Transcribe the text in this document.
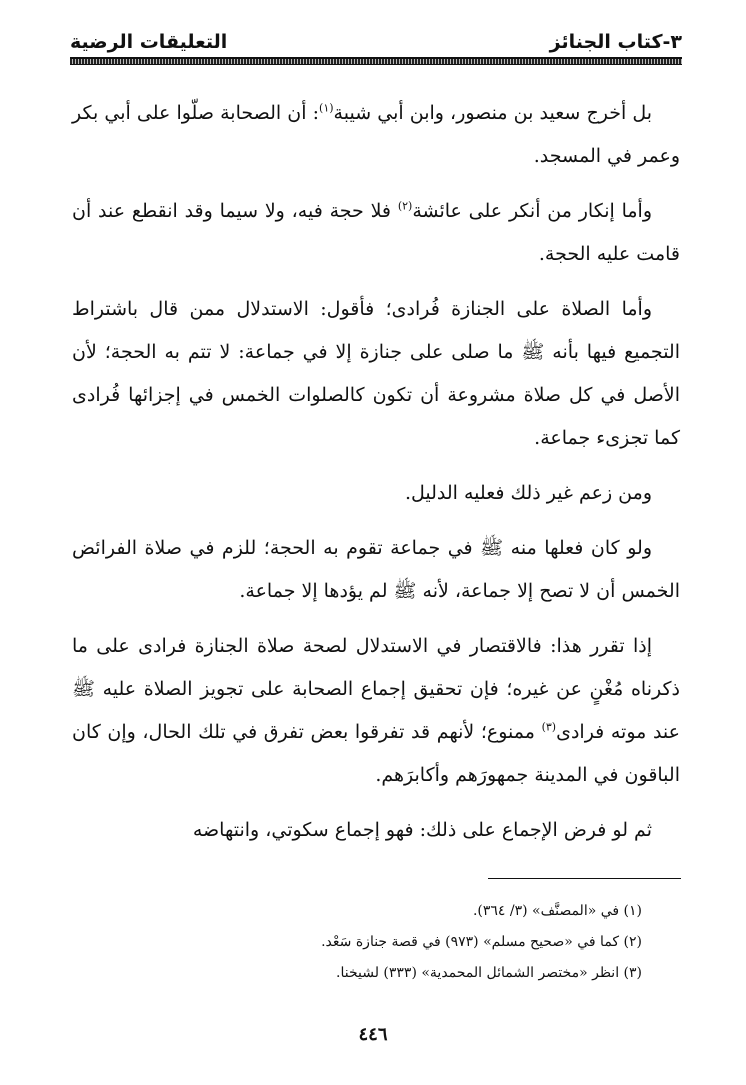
٣-كتاب الجنائز
التعليقات الرضية

بل أخرج سعيد بن منصور، وابن أبي شيبة$^{(١)}$: أن الصحابة صلّوا على أبي بكر وعمر في المسجد.

وأما إنكار من أنكر على عائشة$^{(٢)}$ فلا حجة فيه، ولا سيما وقد انقطع عند أن قامت عليه الحجة.

وأما الصلاة على الجنازة فُرادى؛ فأقول: الاستدلال ممن قال باشتراط التجميع فيها بأنه ﷺ ما صلى على جنازة إلا في جماعة: لا تتم به الحجة؛ لأن الأصل في كل صلاة مشروعة أن تكون كالصلوات الخمس في إجزائها فُرادى كما تجزىء جماعة.

ومن زعم غير ذلك فعليه الدليل.

ولو كان فعلها منه ﷺ في جماعة تقوم به الحجة؛ للزم في صلاة الفرائض الخمس أن لا تصح إلا جماعة، لأنه ﷺ لم يؤدها إلا جماعة.

إذا تقرر هذا: فالاقتصار في الاستدلال لصحة صلاة الجنازة فرادى على ما ذكرناه مُغْنٍ عن غيره؛ فإن تحقيق إجماع الصحابة على تجويز الصلاة عليه ﷺ عند موته فرادى$^{(٣)}$ ممنوع؛ لأنهم قد تفرقوا بعض تفرق في تلك الحال، وإن كان الباقون في المدينة جمهورَهم وأكابرَهم.

ثم لو فرض الإجماع على ذلك: فهو إجماع سكوتي، وانتهاضه

(١) في «المصنَّف» (٣/ ٣٦٤).
(٢) كما في «صحيح مسلم» (٩٧٣) في قصة جنازة سَعْد.
(٣) انظر «مختصر الشمائل المحمدية» (٣٣٣) لشيخنا.
٤٤٦
